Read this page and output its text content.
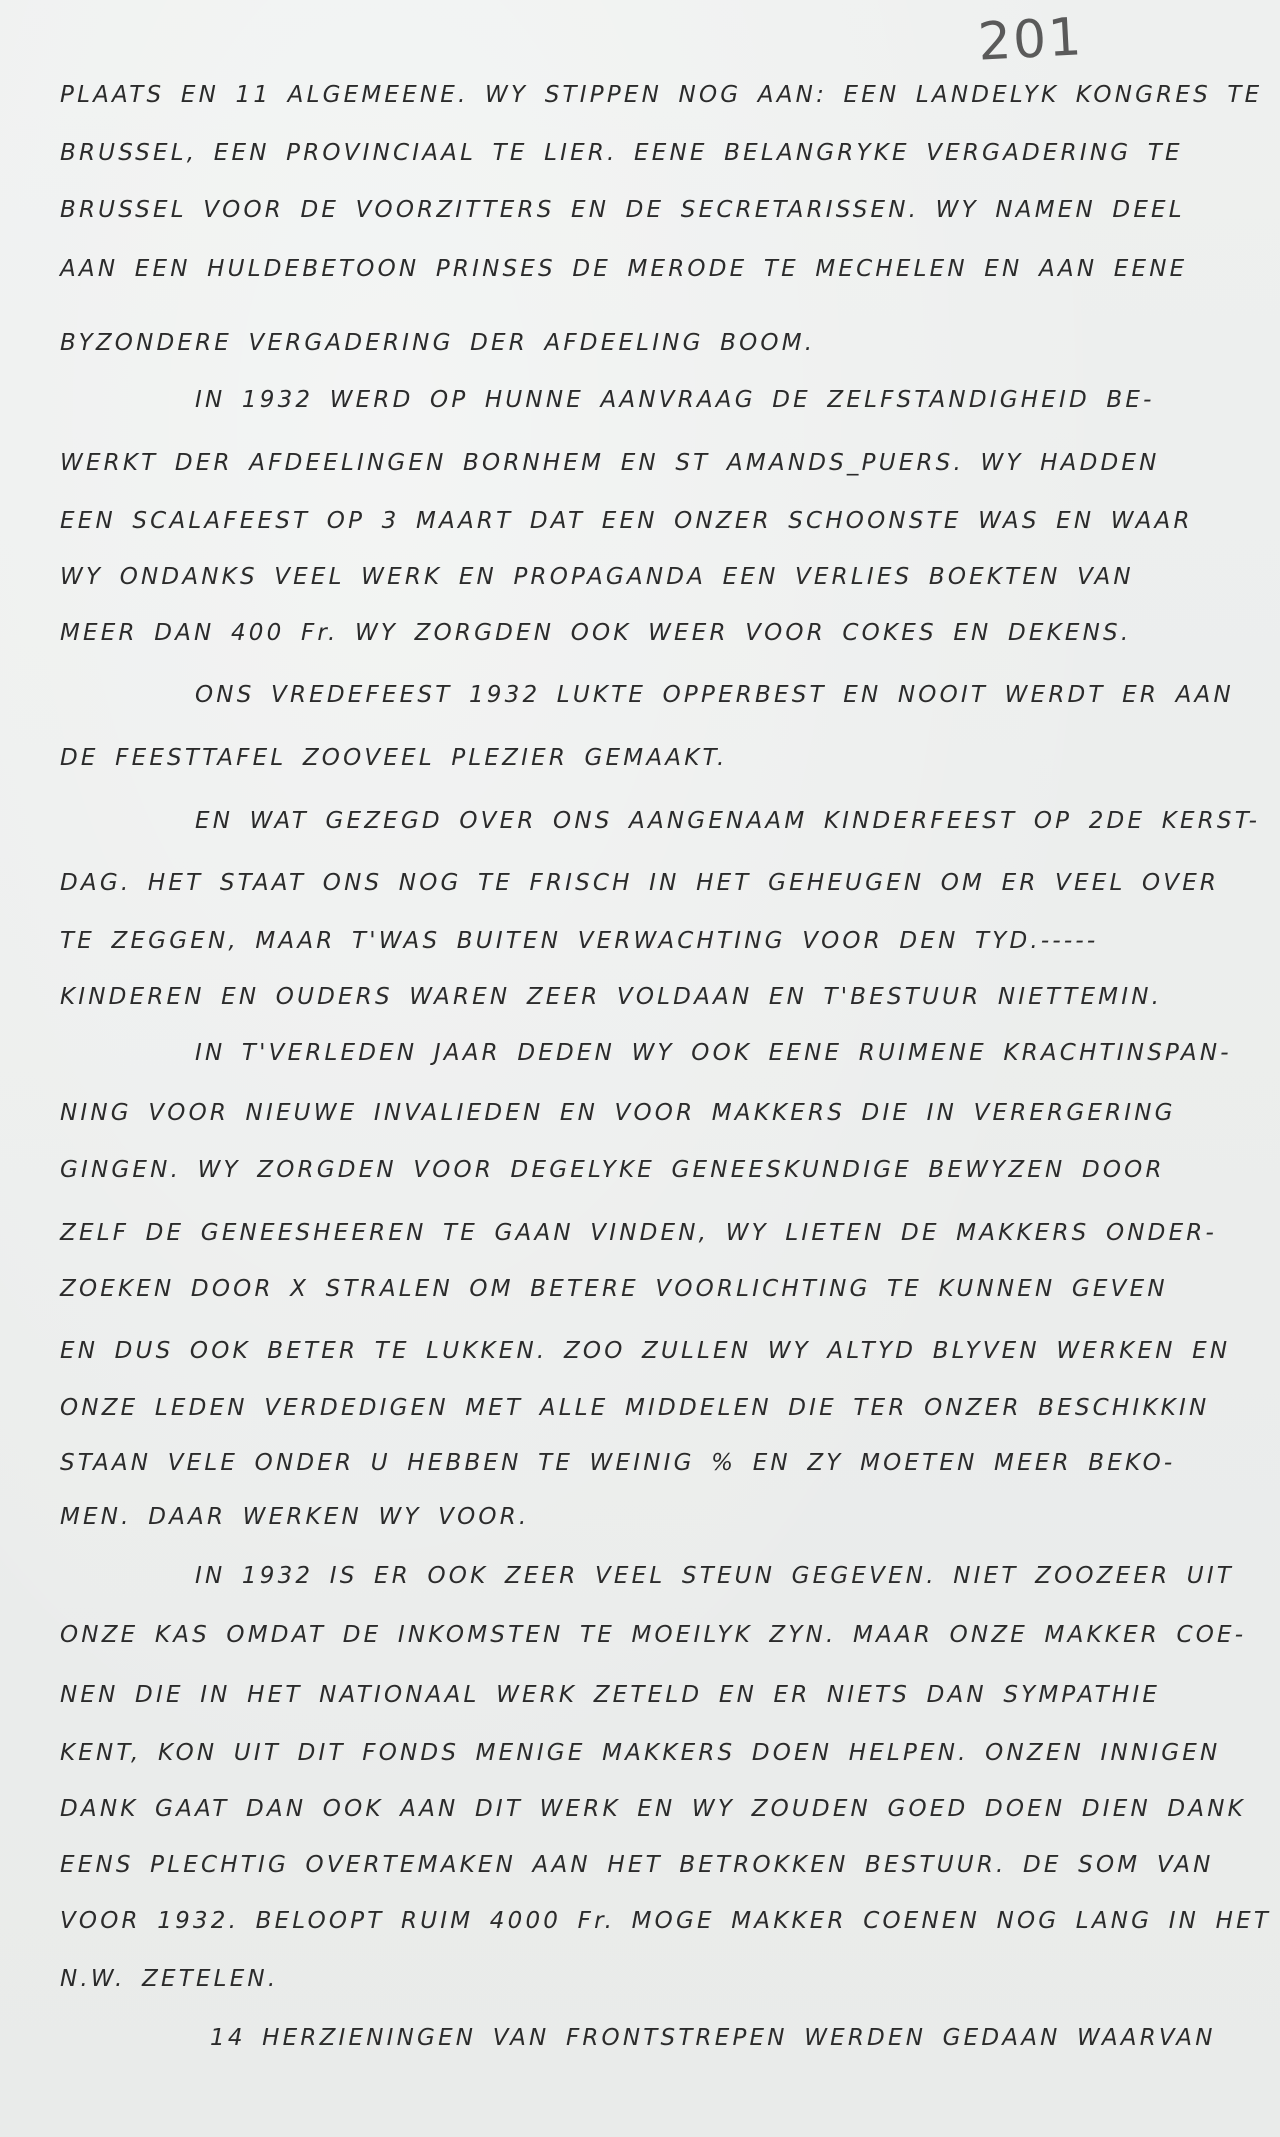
201
PLAATS EN 11 ALGEMEENE. WY STIPPEN NOG AAN: EEN LANDELYK KONGRES TE
BRUSSEL, EEN PROVINCIAAL TE LIER. EENE BELANGRYKE VERGADERING TE
BRUSSEL VOOR DE VOORZITTERS EN DE SECRETARISSEN. WY NAMEN DEEL
AAN EEN HULDEBETOON PRINSES DE MERODE TE MECHELEN EN AAN EENE
BYZONDERE VERGADERING DER AFDEELING BOOM.
IN 1932 WERD OP HUNNE AANVRAAG DE ZELFSTANDIGHEID BE-
WERKT DER AFDEELINGEN BORNHEM EN ST AMANDS_PUERS. WY HADDEN
EEN SCALAFEEST OP 3 MAART DAT EEN ONZER SCHOONSTE WAS EN WAAR
WY ONDANKS VEEL WERK EN PROPAGANDA EEN VERLIES BOEKTEN VAN
MEER DAN 400 Fr. WY ZORGDEN OOK WEER VOOR COKES EN DEKENS.
ONS VREDEFEEST 1932 LUKTE OPPERBEST EN NOOIT WERDT ER AAN
DE FEESTTAFEL ZOOVEEL PLEZIER GEMAAKT.
EN WAT GEZEGD OVER ONS AANGENAAM KINDERFEEST OP 2DE KERST-
DAG. HET STAAT ONS NOG TE FRISCH IN HET GEHEUGEN OM ER VEEL OVER
TE ZEGGEN, MAAR T'WAS BUITEN VERWACHTING VOOR DEN TYD.-----
KINDEREN EN OUDERS WAREN ZEER VOLDAAN EN T'BESTUUR NIETTEMIN.
IN T'VERLEDEN JAAR DEDEN WY OOK EENE RUIMENE KRACHTINSPAN-
NING VOOR NIEUWE INVALIEDEN EN VOOR MAKKERS DIE IN VERERGERING
GINGEN. WY ZORGDEN VOOR DEGELYKE GENEESKUNDIGE BEWYZEN DOOR
ZELF DE GENEESHEEREN TE GAAN VINDEN, WY LIETEN DE MAKKERS ONDER-
ZOEKEN DOOR X STRALEN OM BETERE VOORLICHTING TE KUNNEN GEVEN
EN DUS OOK BETER TE LUKKEN. ZOO ZULLEN WY ALTYD BLYVEN WERKEN EN
ONZE LEDEN VERDEDIGEN MET ALLE MIDDELEN DIE TER ONZER BESCHIKKIN
STAAN VELE ONDER U HEBBEN TE WEINIG % EN ZY MOETEN MEER BEKO-
MEN. DAAR WERKEN WY VOOR.
IN 1932 IS ER OOK ZEER VEEL STEUN GEGEVEN. NIET ZOOZEER UIT
ONZE KAS OMDAT DE INKOMSTEN TE MOEILYK ZYN. MAAR ONZE MAKKER COE-
NEN DIE IN HET NATIONAAL WERK ZETELD EN ER NIETS DAN SYMPATHIE
KENT, KON UIT DIT FONDS MENIGE MAKKERS DOEN HELPEN. ONZEN INNIGEN
DANK GAAT DAN OOK AAN DIT WERK EN WY ZOUDEN GOED DOEN DIEN DANK
EENS PLECHTIG OVERTEMAKEN AAN HET BETROKKEN BESTUUR. DE SOM VAN
VOOR 1932. BELOOPT RUIM 4000 Fr. MOGE MAKKER COENEN NOG LANG IN HET
N.W. ZETELEN.
14 HERZIENINGEN VAN FRONTSTREPEN WERDEN GEDAAN WAARVAN
